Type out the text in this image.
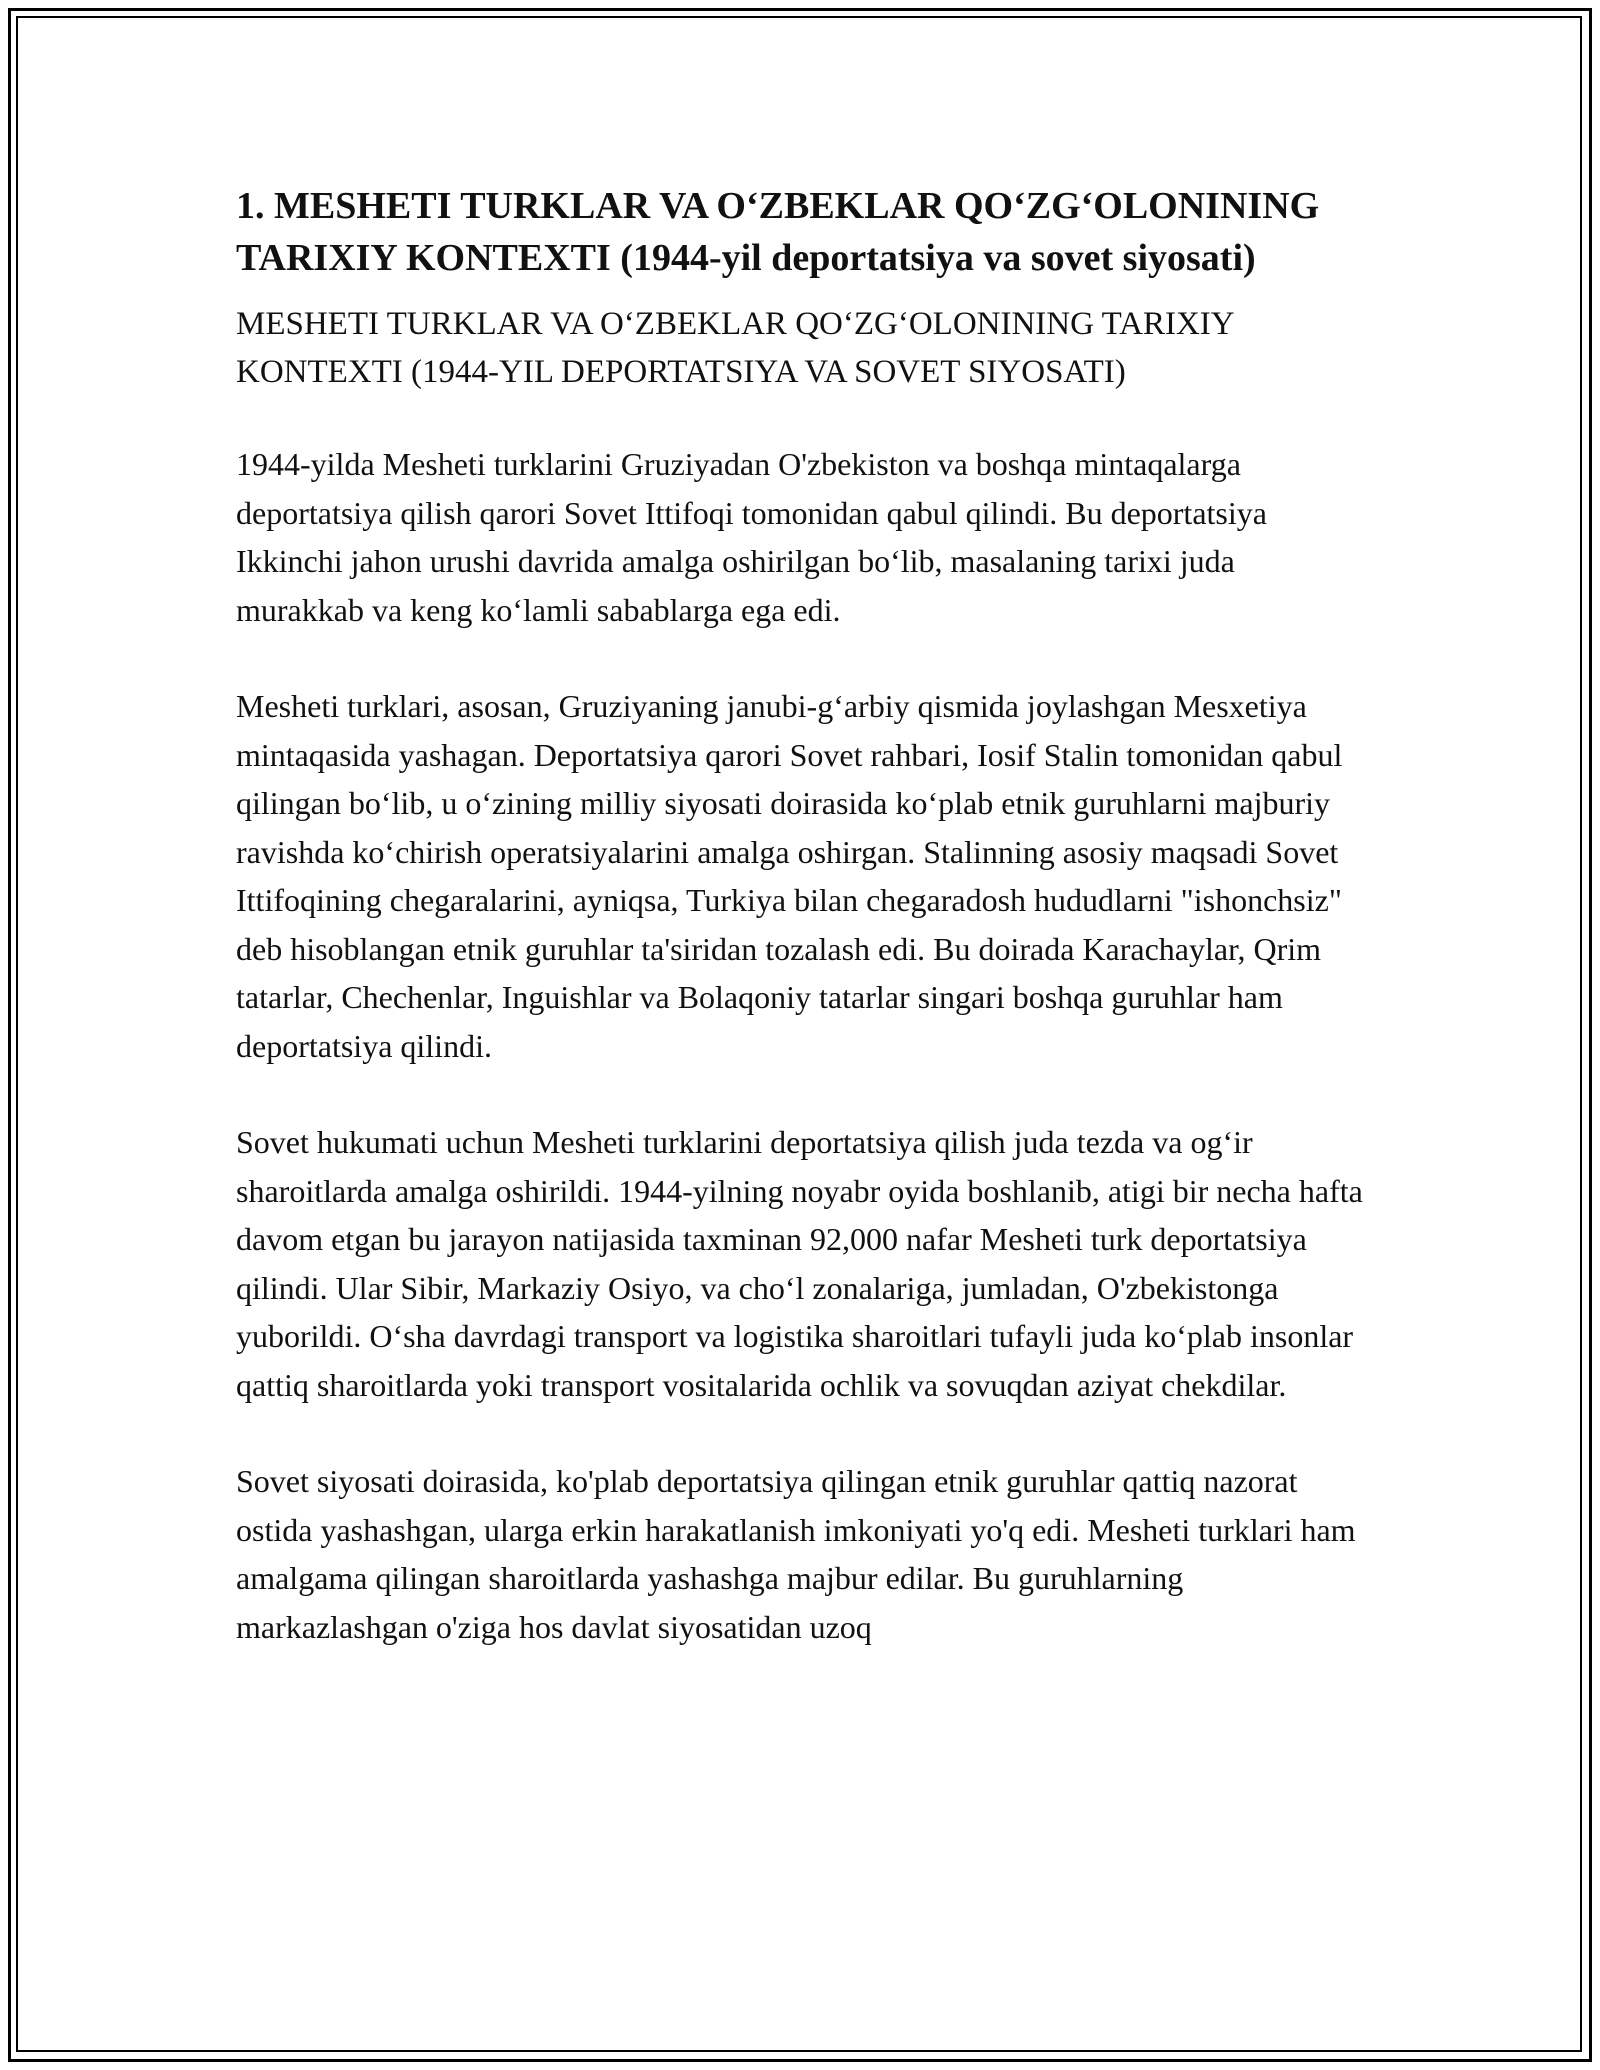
1. MESHETI TURKLAR VA O‘ZBEKLAR QO‘ZG‘OLONINING TARIXIY KONTEXTI (1944-yil deportatsiya va sovet siyosati)

MESHETI TURKLAR VA O‘ZBEKLAR QO‘ZG‘OLONINING TARIXIY KONTEXTI (1944-YIL DEPORTATSIYA VA SOVET SIYOSATI)

1944-yilda Mesheti turklarini Gruziyadan O'zbekiston va boshqa mintaqalarga deportatsiya qilish qarori Sovet Ittifoqi tomonidan qabul qilindi. Bu deportatsiya Ikkinchi jahon urushi davrida amalga oshirilgan bo‘lib, masalaning tarixi juda murakkab va keng ko‘lamli sabablarga ega edi.

Mesheti turklari, asosan, Gruziyaning janubi-g‘arbiy qismida joylashgan Mesxetiya mintaqasida yashagan. Deportatsiya qarori Sovet rahbari, Iosif Stalin tomonidan qabul qilingan bo‘lib, u o‘zining milliy siyosati doirasida ko‘plab etnik guruhlarni majburiy ravishda ko‘chirish operatsiyalarini amalga oshirgan. Stalinning asosiy maqsadi Sovet Ittifoqining chegaralarini, ayniqsa, Turkiya bilan chegaradosh hududlarni "ishonchsiz" deb hisoblangan etnik guruhlar ta'siridan tozalash edi. Bu doirada Karachaylar, Qrim tatarlar, Chechenlar, Inguishlar va Bolaqoniy tatarlar singari boshqa guruhlar ham deportatsiya qilindi.

Sovet hukumati uchun Mesheti turklarini deportatsiya qilish juda tezda va og‘ir sharoitlarda amalga oshirildi. 1944-yilning noyabr oyida boshlanib, atigi bir necha hafta davom etgan bu jarayon natijasida taxminan 92,000 nafar Mesheti turk deportatsiya qilindi. Ular Sibir, Markaziy Osiyo, va cho‘l zonalariga, jumladan, O'zbekistonga yuborildi. O‘sha davrdagi transport va logistika sharoitlari tufayli juda ko‘plab insonlar qattiq sharoitlarda yoki transport vositalarida ochlik va sovuqdan aziyat chekdilar.

Sovet siyosati doirasida, ko'plab deportatsiya qilingan etnik guruhlar qattiq nazorat ostida yashashgan, ularga erkin harakatlanish imkoniyati yo'q edi. Mesheti turklari ham amalgama qilingan sharoitlarda yashashga majbur edilar. Bu guruhlarning markazlashgan o'ziga hos davlat siyosatidan uzoq
